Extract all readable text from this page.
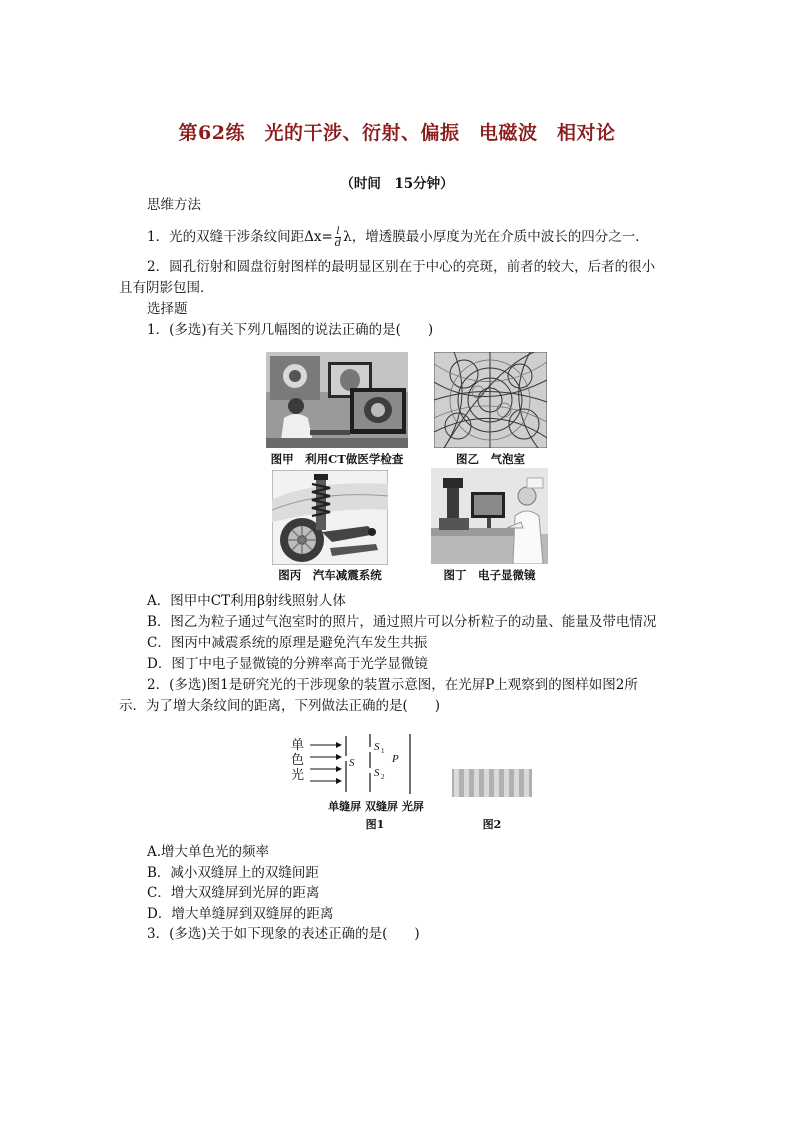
第62练　光的干涉、衍射、偏振　电磁波　相对论
（时间　15分钟）
思维方法
1．光的双缝干涉条纹间距$\Delta x= \frac{l}{d}$ λ，增透膜最小厚度为光在介质中波长的四分之一．
2．圆孔衍射和圆盘衍射图样的最明显区别在于中心的亮斑，前者的较大，后者的很小
且有阴影包围．
选择题
1．(多选)有关下列几幅图的说法正确的是(　　)
图甲　利用CT做医学检查	图乙　气泡室
图丙　汽车减震系统	图丁　电子显微镜
A．图甲中CT利用β射线照射人体
B．图乙为粒子通过气泡室时的照片，通过照片可以分析粒子的动量、能量及带电情况
C．图丙中减震系统的原理是避免汽车发生共振
D．图丁中电子显微镜的分辨率高于光学显微镜
2．(多选)图1是研究光的干涉现象的装置示意图，在光屏P上观察到的图样如图2所
示．为了增大条纹间的距离，下列做法正确的是(　　)
单
色
光
S
S 1
S 2
P
单缝屏 双缝屏 光屏
图1	图2
A.增大单色光的频率
B．减小双缝屏上的双缝间距
C．增大双缝屏到光屏的距离
D．增大单缝屏到双缝屏的距离
3．(多选)关于如下现象的表述正确的是(　　)
